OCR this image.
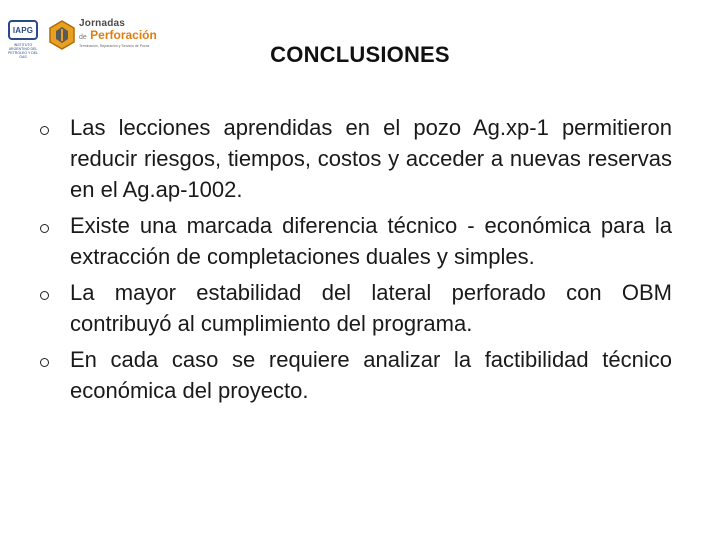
IAPG
INSTITUTO ARGENTINO DEL PETROLEO Y DEL GAS
Jornadas
de Perforación
Terminación, Reparación y Servicio de Pozos	CONCLUSIONES
Las lecciones aprendidas en el pozo Ag.xp-1 permitieron reducir riesgos, tiempos, costos y acceder a nuevas reservas en el Ag.ap-1002.
Existe una marcada diferencia técnico - económica para la extracción de completaciones duales y simples.
La mayor estabilidad del lateral perforado con OBM contribuyó al cumplimiento del programa.
En cada caso se requiere analizar la factibilidad técnico económica del proyecto.
